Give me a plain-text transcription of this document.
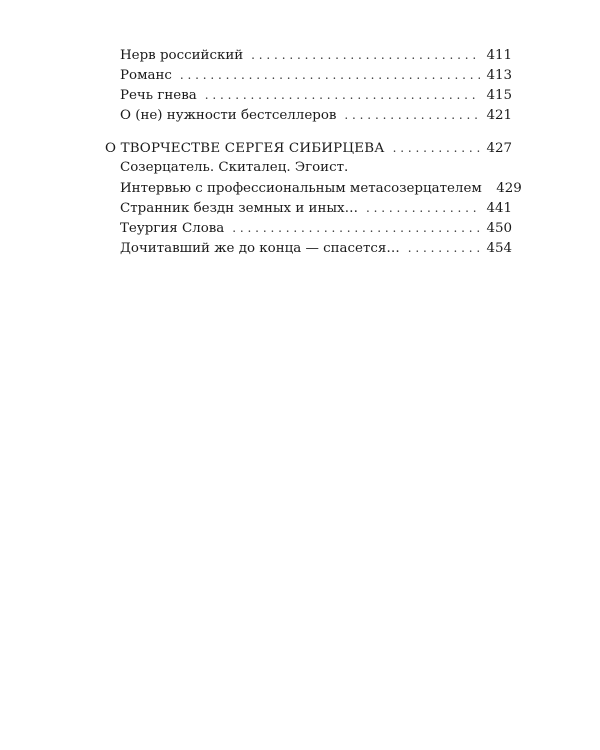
Нерв российский . . .	411
Романс . . .	413
Речь гнева . . .	415
О (не) нужности бестселлеров . . .	421
О ТВОРЧЕСТВЕ СЕРГЕЯ СИБИРЦЕВА . . .	427
Созерцатель. Скиталец. Эгоист.
Интервью с профессиональным метасозерцателем 429
Странник бездн земных и иных… . . .	441
Теургия Слова . . .	450
Дочитавший же до конца — спасется… . . .	454
